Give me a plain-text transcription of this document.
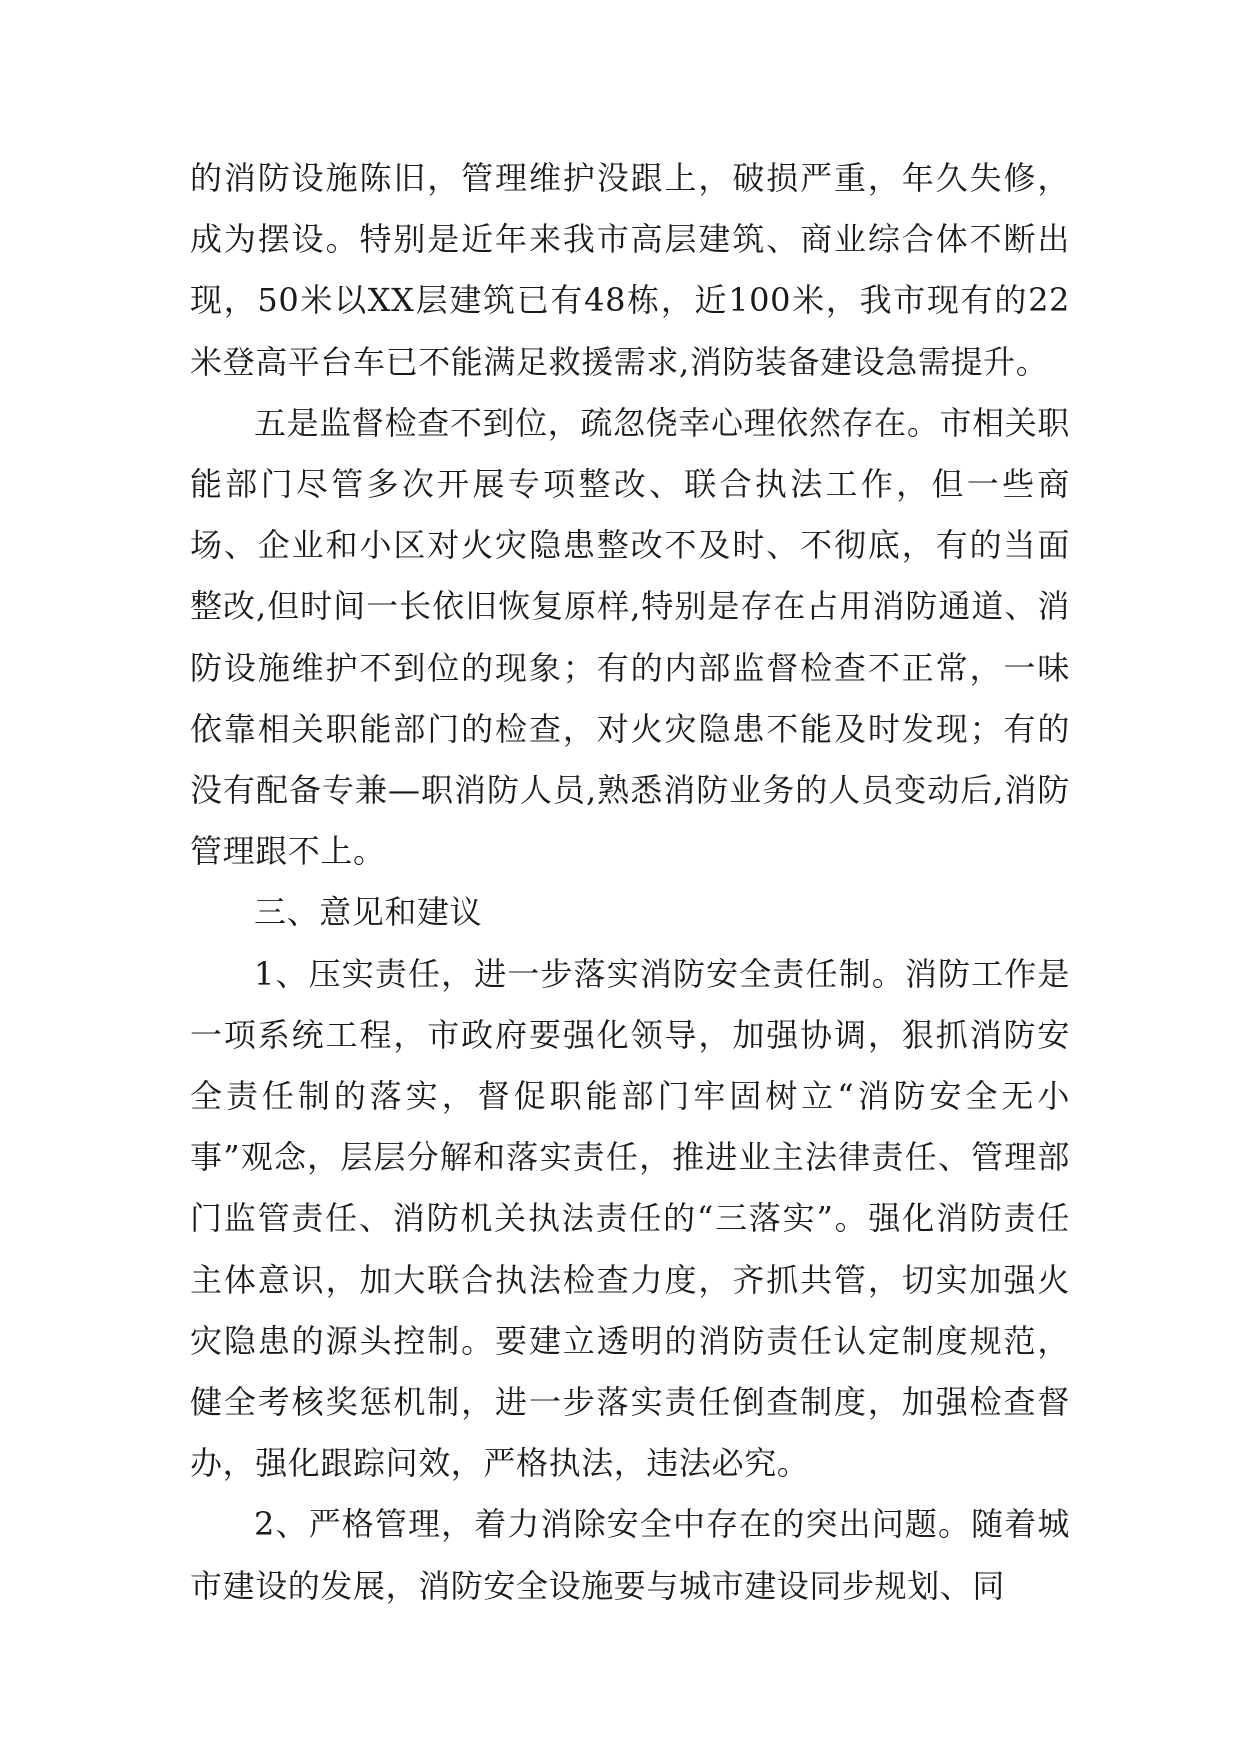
的消防设施陈旧，管理维护没跟上，破损严重，年久失修，成为摆设。特别是近年来我市高层建筑、商业综合体不断出现，50米以XX层建筑已有48栋，近100米，我市现有的22米登高平台车已不能满足救援需求,消防装备建设急需提升。

五是监督检查不到位，疏忽侥幸心理依然存在。市相关职能部门尽管多次开展专项整改、联合执法工作，但一些商场、企业和小区对火灾隐患整改不及时、不彻底，有的当面整改,但时间一长依旧恢复原样,特别是存在占用消防通道、消防设施维护不到位的现象；有的内部监督检查不正常，一味依靠相关职能部门的检查，对火灾隐患不能及时发现；有的没有配备专兼—职消防人员,熟悉消防业务的人员变动后,消防管理跟不上。

三、意见和建议

1、压实责任，进一步落实消防安全责任制。消防工作是一项系统工程，市政府要强化领导，加强协调，狠抓消防安全责任制的落实，督促职能部门牢固树立“消防安全无小事”观念，层层分解和落实责任，推进业主法律责任、管理部门监管责任、消防机关执法责任的“三落实”。强化消防责任主体意识，加大联合执法检查力度，齐抓共管，切实加强火灾隐患的源头控制。要建立透明的消防责任认定制度规范，健全考核奖惩机制，进一步落实责任倒查制度，加强检查督办，强化跟踪问效，严格执法，违法必究。

2、严格管理，着力消除安全中存在的突出问题。随着城市建设的发展，消防安全设施要与城市建设同步规划、同
